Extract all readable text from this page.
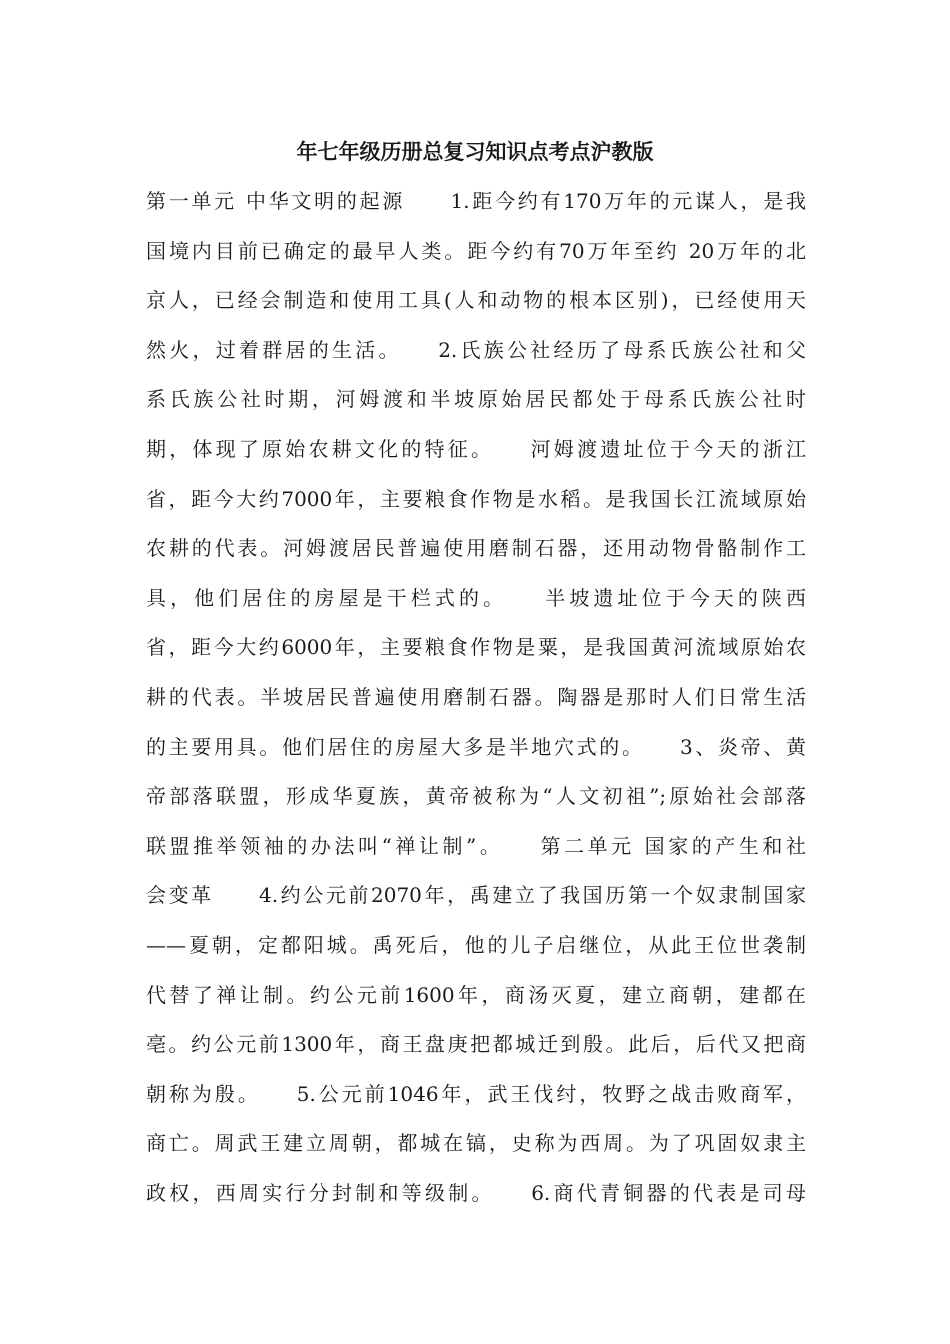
年七年级历册总复习知识点考点沪教版
第一单元 中华文明的起源　　1.距今约有170万年的元谋人，是我
国境内目前已确定的最早人类。距今约有70万年至约 20万年的北
京人，已经会制造和使用工具(人和动物的根本区别)，已经使用天
然火，过着群居的生活。　　2.氏族公社经历了母系氏族公社和父
系氏族公社时期，河姆渡和半坡原始居民都处于母系氏族公社时
期，体现了原始农耕文化的特征。　　河姆渡遗址位于今天的浙江
省，距今大约7000年，主要粮食作物是水稻。是我国长江流域原始
农耕的代表。河姆渡居民普遍使用磨制石器，还用动物骨骼制作工
具，他们居住的房屋是干栏式的。　　半坡遗址位于今天的陕西
省，距今大约6000年，主要粮食作物是粟，是我国黄河流域原始农
耕的代表。半坡居民普遍使用磨制石器。陶器是那时人们日常生活
的主要用具。他们居住的房屋大多是半地穴式的。　　3、炎帝、黄
帝部落联盟，形成华夏族，黄帝被称为“人文初祖”;原始社会部落
联盟推举领袖的办法叫“禅让制”。　　第二单元 国家的产生和社
会变革　　4.约公元前2070年，禹建立了我国历第一个奴隶制国家
——夏朝，定都阳城。禹死后，他的儿子启继位，从此王位世袭制
代替了禅让制。约公元前1600年，商汤灭夏，建立商朝，建都在
亳。约公元前1300年，商王盘庚把都城迁到殷。此后，后代又把商
朝称为殷。　　5.公元前1046年，武王伐纣，牧野之战击败商军，
商亡。周武王建立周朝，都城在镐，史称为西周。为了巩固奴隶主
政权，西周实行分封制和等级制。　　6.商代青铜器的代表是司母
